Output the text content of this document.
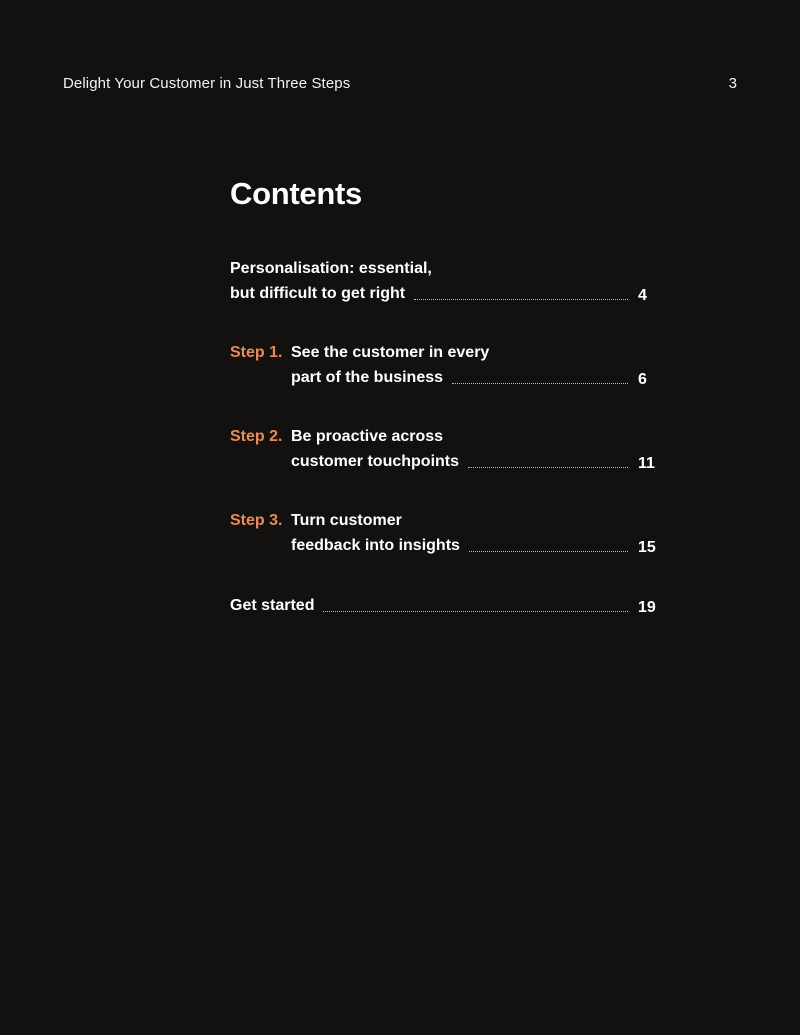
Delight Your Customer in Just Three Steps	3
Contents
Personalisation: essential,
but difficult to get right	4
Step 1. See the customer in every
part of the business	6
Step 2. Be proactive across
customer touchpoints	11
Step 3. Turn customer
feedback into insights	15
Get started	19
